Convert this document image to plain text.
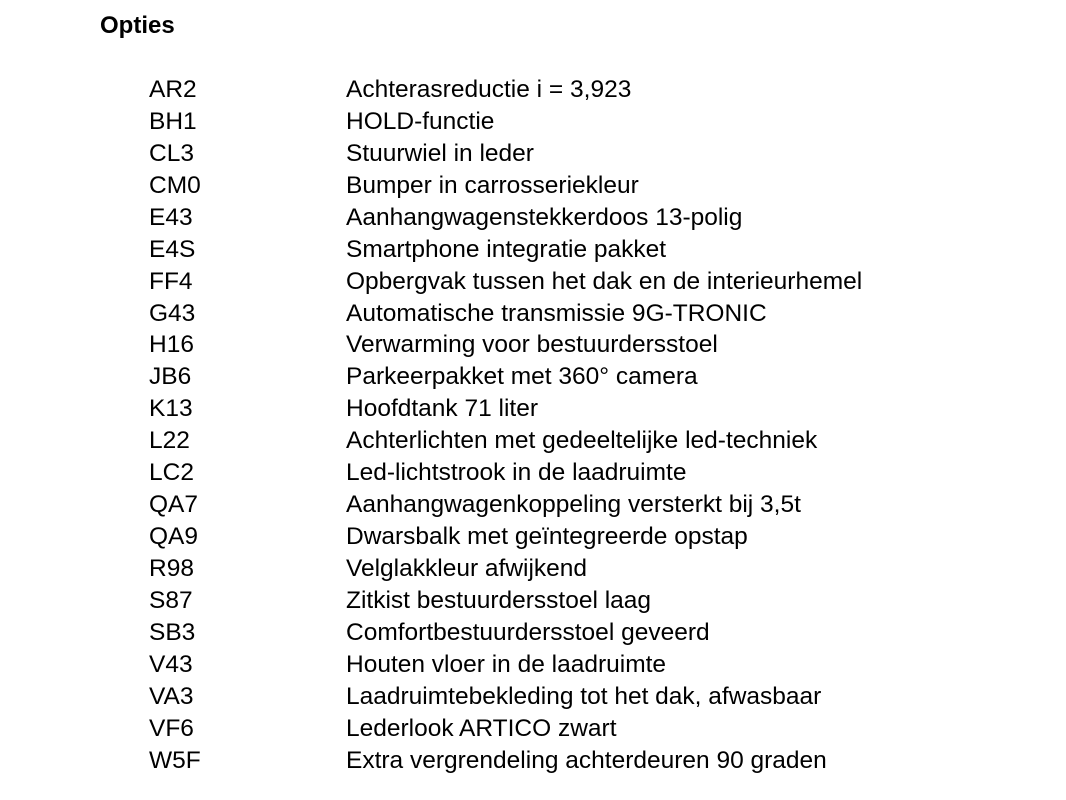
Opties
AR2	Achterasreductie i = 3,923
BH1	HOLD-functie
CL3	Stuurwiel in leder
CM0	Bumper in carrosseriekleur
E43	Aanhangwagenstekkerdoos 13-polig
E4S	Smartphone integratie pakket
FF4	Opbergvak tussen het dak en de interieurhemel
G43	Automatische transmissie 9G-TRONIC
H16	Verwarming voor bestuurdersstoel
JB6	Parkeerpakket met 360° camera
K13	Hoofdtank 71 liter
L22	Achterlichten met gedeeltelijke led-techniek
LC2	Led-lichtstrook in de laadruimte
QA7	Aanhangwagenkoppeling versterkt bij 3,5t
QA9	Dwarsbalk met geïntegreerde opstap
R98	Velglakkleur afwijkend
S87	Zitkist bestuurdersstoel laag
SB3	Comfortbestuurdersstoel geveerd
V43	Houten vloer in de laadruimte
VA3	Laadruimtebekleding tot het dak, afwasbaar
VF6	Lederlook ARTICO zwart
W5F	Extra vergrendeling achterdeuren 90 graden
